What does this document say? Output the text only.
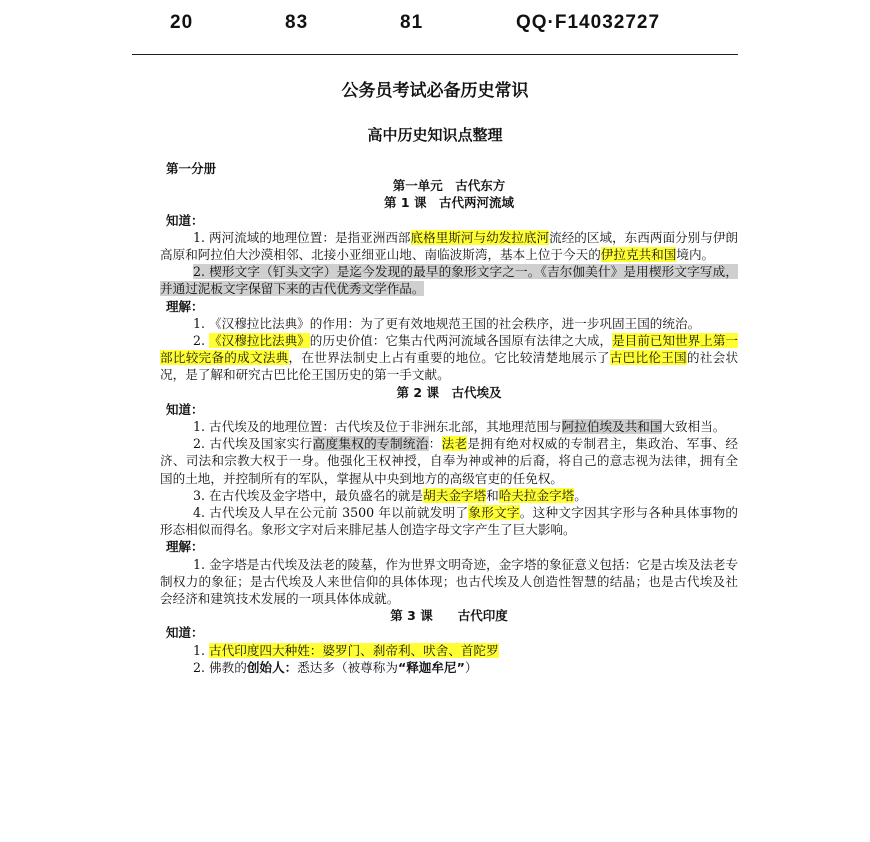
20	83	81	QQ·F14032727
公务员考试必备历史常识
高中历史知识点整理

第一分册

第一单元　古代东方

第 1 课　古代两河流域

知道：

1. 两河流域的地理位置：是指亚洲西部底格里斯河与幼发拉底河流经的区域，东西两面分别与伊朗高原和阿拉伯大沙漠相邻、北接小亚细亚山地、南临波斯湾，基本上位于今天的伊拉克共和国境内。

2. 楔形文字（钉头文字）是迄今发现的最早的象形文字之一。《吉尔伽美什》是用楔形文字写成，并通过泥板文字保留下来的古代优秀文学作品。

理解：

1. 《汉穆拉比法典》的作用：为了更有效地规范王国的社会秩序，进一步巩固王国的统治。

2. 《汉穆拉比法典》的历史价值：它集古代两河流域各国原有法律之大成，是目前已知世界上第一部比较完备的成文法典，在世界法制史上占有重要的地位。它比较清楚地展示了古巴比伦王国的社会状况，是了解和研究古巴比伦王国历史的第一手文献。

第 2 课　古代埃及

知道：

1. 古代埃及的地理位置：古代埃及位于非洲东北部，其地理范围与阿拉伯埃及共和国大致相当。

2. 古代埃及国家实行高度集权的专制统治：法老是拥有绝对权威的专制君主，集政治、军事、经济、司法和宗教大权于一身。他强化王权神授，自奉为神或神的后裔，将自己的意志视为法律，拥有全国的土地，并控制所有的军队，掌握从中央到地方的高级官吏的任免权。

3. 在古代埃及金字塔中，最负盛名的就是胡夫金字塔和哈夫拉金字塔。

4. 古代埃及人早在公元前 3500 年以前就发明了象形文字。这种文字因其字形与各种具体事物的形态相似而得名。象形文字对后来腓尼基人创造字母文字产生了巨大影响。

理解：

1. 金字塔是古代埃及法老的陵墓，作为世界文明奇迹，金字塔的象征意义包括：它是古埃及法老专制权力的象征；是古代埃及人来世信仰的具体体现；也古代埃及人创造性智慧的结晶；也是古代埃及社会经济和建筑技术发展的一项具体体成就。

第 3 课　　古代印度

知道：

1. 古代印度四大种姓：婆罗门、刹帝利、吠舍、首陀罗

2. 佛教的创始人：悉达多（被尊称为“释迦牟尼”）
